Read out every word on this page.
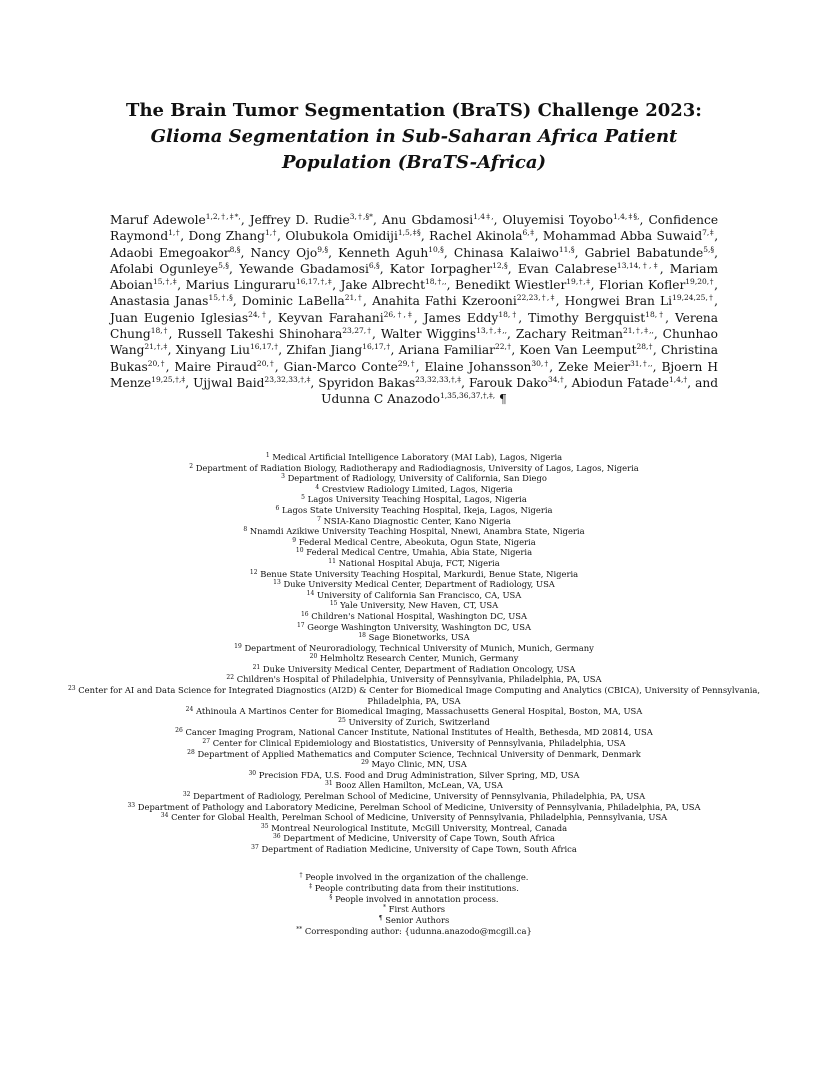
The Brain Tumor Segmentation (BraTS) Challenge 2023:
Glioma Segmentation in Sub-Saharan Africa Patient Population (BraTS-Africa)
Maruf Adewole$^{1,2,\dagger,\ddagger*,}$, Jeffrey D. Rudie$^{3,\dagger,\S*}$, Anu Gbdamosi$^{1,4\ddagger,}$, Oluyemisi Toyobo$^{1,4,\ddagger\S,}$, Confidence Raymond$^{1,\dagger}$, Dong Zhang$^{1,\dagger}$, Olubukola Omidiji$^{1,5,\ddagger\S}$, Rachel Akinola$^{6,\ddagger}$, Mohammad Abba Suwaid$^{7,\ddagger}$, Adaobi Emegoakor$^{8,\S}$, Nancy Ojo$^{9,\S}$, Kenneth Aguh$^{10,\S}$, Chinasa Kalaiwo$^{11,\S}$, Gabriel Babatunde$^{5,\S}$, Afolabi Ogunleye$^{5,\S}$, Yewande Gbadamosi$^{6,\S}$, Kator Iorpagher$^{12,\S}$, Evan Calabrese$^{13,14,\dagger,\ddagger}$, Mariam Aboian$^{15,\dagger,\ddagger}$, Marius Linguraru$^{16,17,\dagger,\ddagger}$, Jake Albrecht$^{18,\dagger,,}$, Benedikt Wiestler$^{19,\dagger,\ddagger}$, Florian Kofler$^{19,20,\dagger}$, Anastasia Janas$^{15,\dagger,\S}$, Dominic LaBella$^{21,\dagger}$, Anahita Fathi Kzerooni$^{22,23,\dagger,\ddagger}$, Hongwei Bran $Li^{19,24,25,\dagger}$, Juan Eugenio Iglesias$^{24,\dagger}$, Keyvan Farahani$^{26,\dagger,\ddagger}$, James Eddy$^{18,\dagger}$, Timothy Bergquist$^{18,\dagger}$, Verena Chung$^{18,\dagger}$, Russell Takeshi Shinohara$^{23,27,\dagger}$, Walter Wiggins$^{13,\dagger,\ddagger,,}$, Zachary Reitman$^{21,\dagger,\ddagger,,}$, Chunhao Wang$^{21,\dagger,\ddagger}$, Xinyang Liu$^{16,17,\dagger}$, Zhifan Jiang$^{16,17,\dagger}$, Ariana Familiar$^{22,\dagger}$, Koen Van Leemput$^{28,\dagger}$, Christina Bukas$^{20,\dagger}$, Maire Piraud$^{20,\dagger}$, Gian-Marco Conte$^{29,\dagger}$, Elaine Johansson$^{30,\dagger}$, Zeke Meier$^{31,\dagger,,}$, Bjoern H Menze$^{19,25,\dagger,\ddagger}$, Ujjwal Baid$^{23,32,33,\dagger,\ddagger}$, Spyridon Bakas$^{23,32,33,\dagger,\ddagger}$, Farouk Dako$^{34,\dagger}$, Abiodun Fatade$^{1,4,\dagger}$, and Udunna C Anazodo$^{1,35,36,37,\dagger,\ddagger,}$ ¶
$^1$ Medical Artificial Intelligence Laboratory (MAI Lab), Lagos, Nigeria
$^2$ Department of Radiation Biology, Radiotherapy and Radiodiagnosis, University of Lagos, Lagos, Nigeria
$^3$ Department of Radiology, University of California, San Diego
$^4$ Crestview Radiology Limited, Lagos, Nigeria
$^5$ Lagos University Teaching Hospital, Lagos, Nigeria
$^6$ Lagos State University Teaching Hospital, Ikeja, Lagos, Nigeria
$^7$ NSIA-Kano Diagnostic Center, Kano Nigeria
$^8$ Nnamdi Azikiwe University Teaching Hospital, Nnewi, Anambra State, Nigeria
$^9$ Federal Medical Centre, Abeokuta, Ogun State, Nigeria
$^{10}$ Federal Medical Centre, Umahia, Abia State, Nigeria
$^{11}$ National Hospital Abuja, FCT, Nigeria
$^{12}$ Benue State University Teaching Hospital, Markurdi, Benue State, Nigeria
$^{13}$ Duke University Medical Center, Department of Radiology, USA
$^{14}$ University of California San Francisco, CA, USA
$^{15}$ Yale University, New Haven, CT, USA
$^{16}$ Children's National Hospital, Washington DC, USA
$^{17}$ George Washington University, Washington DC, USA
$^{18}$ Sage Bionetworks, USA
$^{19}$ Department of Neuroradiology, Technical University of Munich, Munich, Germany
$^{20}$ Helmholtz Research Center, Munich, Germany
$^{21}$ Duke University Medical Center, Department of Radiation Oncology, USA
$^{22}$ Children's Hospital of Philadelphia, University of Pennsylvania, Philadelphia, PA, USA
$^{23}$ Center for AI and Data Science for Integrated Diagnostics (AI2D) & Center for Biomedical Image Computing and Analytics (CBICA), University of Pennsylvania, Philadelphia, PA, USA
$^{24}$ Athinoula A Martinos Center for Biomedical Imaging, Massachusetts General Hospital, Boston, MA, USA
$^{25}$ University of Zurich, Switzerland
$^{26}$ Cancer Imaging Program, National Cancer Institute, National Institutes of Health, Bethesda, MD 20814, USA
$^{27}$ Center for Clinical Epidemiology and Biostatistics, University of Pennsylvania, Philadelphia, USA
$^{28}$ Department of Applied Mathematics and Computer Science, Technical University of Denmark, Denmark
$^{29}$ Mayo Clinic, MN, USA
$^{30}$ Precision FDA, U.S. Food and Drug Administration, Silver Spring, MD, USA
$^{31}$ Booz Allen Hamilton, McLean, VA, USA
$^{32}$ Department of Radiology, Perelman School of Medicine, University of Pennsylvania, Philadelphia, PA, USA
$^{33}$ Department of Pathology and Laboratory Medicine, Perelman School of Medicine, University of Pennsylvania, Philadelphia, PA, USA
$^{34}$ Center for Global Health, Perelman School of Medicine, University of Pennsylvania, Philadelphia, Pennsylvania, USA
$^{35}$ Montreal Neurological Institute, McGill University, Montreal, Canada
$^{36}$ Department of Medicine, University of Cape Town, South Africa
$^{37}$ Department of Radiation Medicine, University of Cape Town, South Africa
† People involved in the organization of the challenge.
‡ People contributing data from their institutions.
§ People involved in annotation process.
* First Authors
¶ Senior Authors
** Corresponding author: {udunna.anazodo@mcgill.ca}
